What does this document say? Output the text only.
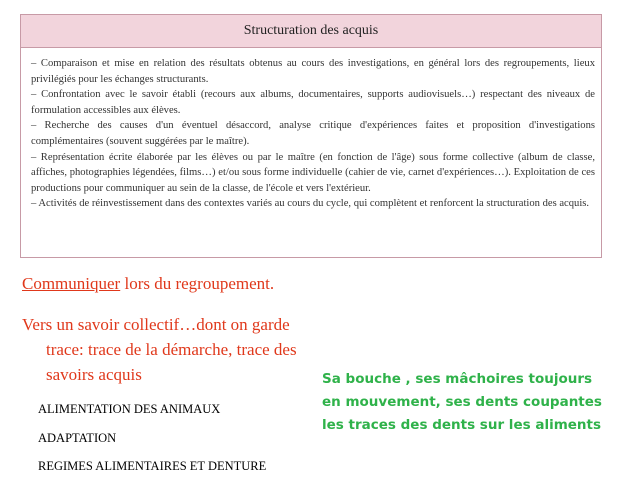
Structuration des acquis

– Comparaison et mise en relation des résultats obtenus au cours des investigations, en général lors des regroupements, lieux privilégiés pour les échanges structurants.

– Confrontation avec le savoir établi (recours aux albums, documentaires, supports audiovisuels…) respectant des niveaux de formulation accessibles aux élèves.

– Recherche des causes d'un éventuel désaccord, analyse critique d'expériences faites et proposition d'investigations complémentaires (souvent suggérées par le maître).

– Représentation écrite élaborée par les élèves ou par le maître (en fonction de l'âge) sous forme collective (album de classe, affiches, photographies légendées, films…) et/ou sous forme individuelle (cahier de vie, carnet d'expériences…). Exploitation de ces productions pour communiquer au sein de la classe, de l'école et vers l'extérieur.

– Activités de réinvestissement dans des contextes variés au cours du cycle, qui complètent et renforcent la structuration des acquis.

Communiquer lors du regroupement.
Vers un savoir collectif…dont on garde
trace: trace de la démarche, trace des
savoirs acquis
ALIMENTATION DES ANIMAUX
ADAPTATION
REGIMES ALIMENTAIRES ET DENTURE
Sa bouche , ses mâchoires toujours
en mouvement, ses dents coupantes
les traces des dents sur les aliments
